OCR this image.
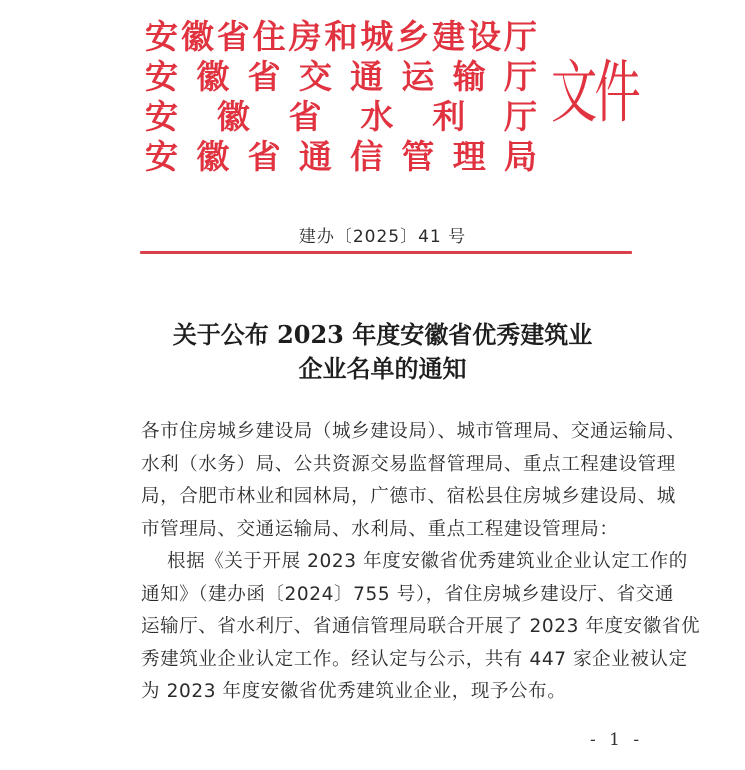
安 徽 省 住 房 和 城 乡 建 设 厅
安 徽 省 交 通 运 输 厅
安 徽 省 水 利 厅
安 徽 省 通 信 管 理 局
文件
建办〔2025〕41 号
关于公布 2023 年度安徽省优秀建筑业
企业名单的通知
各市住房城乡建设局（城乡建设局）、城市管理局、交通运输局、
水利（水务）局、公共资源交易监督管理局、重点工程建设管理
局，合肥市林业和园林局，广德市、宿松县住房城乡建设局、城
市管理局、交通运输局、水利局、重点工程建设管理局：
根据《关于开展 2023 年度安徽省优秀建筑业企业认定工作的
通知》（建办函〔2024〕755 号），省住房城乡建设厅、省交通
运输厅、省水利厅、省通信管理局联合开展了 2023 年度安徽省优
秀建筑业企业认定工作。经认定与公示，共有 447 家企业被认定
为 2023 年度安徽省优秀建筑业企业，现予公布。
- 1 -
